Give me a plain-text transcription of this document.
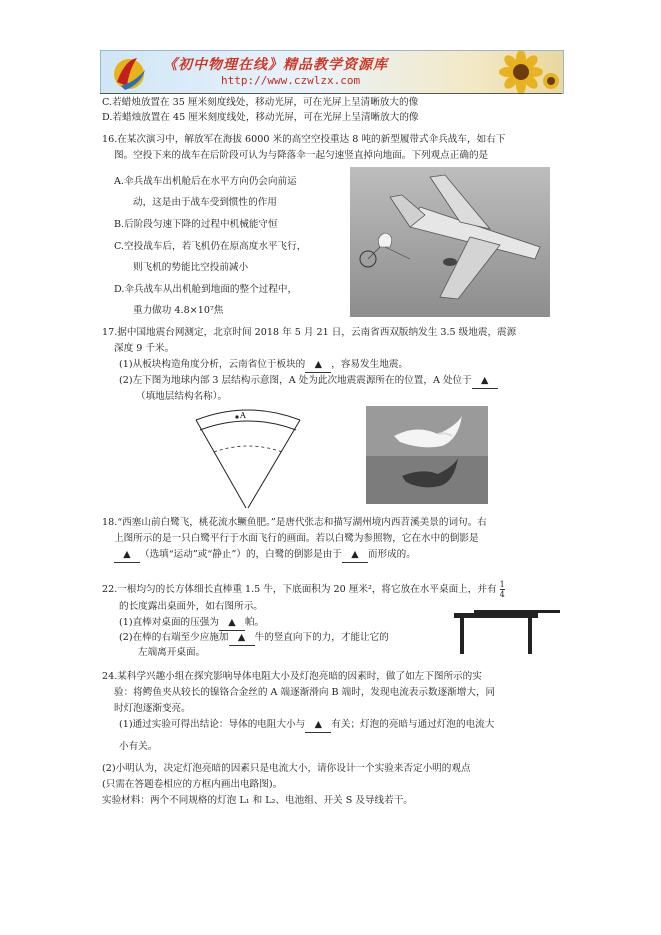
《初中物理在线》精品教学资源库
http://www.czwlzx.com
C.若蜡烛放置在 35 厘米刻度线处，移动光屏，可在光屏上呈清晰放大的像
D.若蜡烛放置在 45 厘米刻度线处，移动光屏，可在光屏上呈清晰放大的像
16.在某次演习中，解放军在海拔 6000 米的高空空投重达 8 吨的新型履带式伞兵战车，如右下
图。空投下来的战车在后阶段可认为与降落伞一起匀速竖直掉向地面。下列观点正确的是
A.伞兵战车出机舱后在水平方向仍会向前运
动，这是由于战车受到惯性的作用
B.后阶段匀速下降的过程中机械能守恒
C.空投战车后，若飞机仍在原高度水平飞行，
则飞机的势能比空投前减小
D.伞兵战车从出机舱到地面的整个过程中，
重力做功 4.8×10⁷焦
17.据中国地震台网测定，北京时间 2018 年 5 月 21 日，云南省西双版纳发生 3.5 级地震，震源
深度 9 千米。
(1)从板块构造角度分析，云南省位于板块的 ▲ ，容易发生地震。
(2)左下图为地球内部 3 层结构示意图，A 处为此次地震震源所在的位置，A 处位于 ▲
（填地层结构名称）。
A
18.“西塞山前白鹭飞，桃花流水鳜鱼肥。”是唐代张志和描写湖州境内西苕溪美景的词句。右
上图所示的是一只白鹭平行于水面飞行的画面。若以白鹭为参照物，它在水中的倒影是
▲ （选填“运动”或“静止”）的，白鹭的倒影是由于 ▲ 而形成的。
22.一根均匀的长方体细长直棒重 1.5 牛，下底面积为 20 厘米²，将它放在水平桌面上，并有 $\frac{1}{4}$
的长度露出桌面外，如右图所示。
(1)直棒对桌面的压强为 ▲ 帕。
(2)在棒的右端至少应施加 ▲ 牛的竖直向下的力，才能让它的
左端离开桌面。
24.某科学兴趣小组在探究影响导体电阻大小及灯泡亮暗的因素时，做了如左下图所示的实
验：将鳄鱼夹从较长的镍铬合金丝的 A 端逐渐滑向 B 端时，发现电流表示数逐渐增大，同
时灯泡逐渐变亮。
(1)通过实验可得出结论：导体的电阻大小与 ▲ 有关；灯泡的亮暗与通过灯泡的电流大
小有关。
(2)小明认为，决定灯泡亮暗的因素只是电流大小，请你设计一个实验来否定小明的观点
(只需在答题卷相应的方框内画出电路图)。
实验材料：两个不同规格的灯泡 L₁ 和 L₂、电池组、开关 S 及导线若干。
